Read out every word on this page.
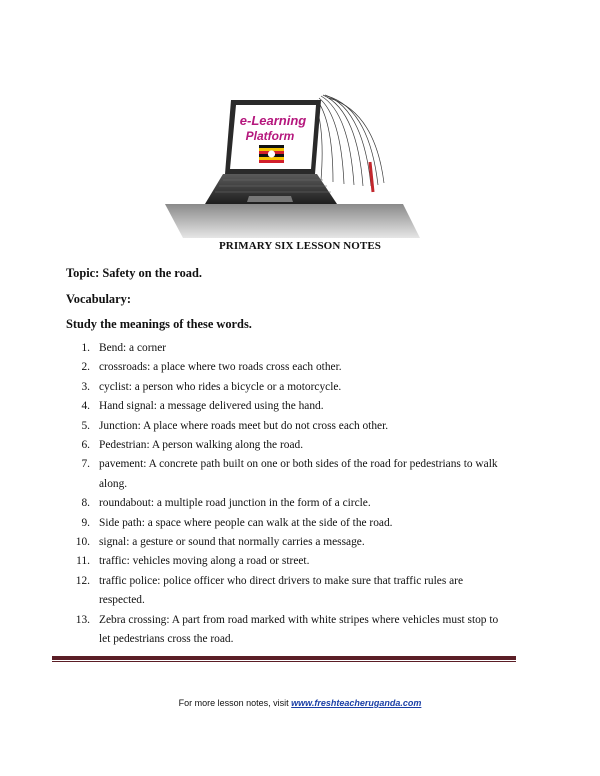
e-Learning
Platform
PRIMARY SIX LESSON NOTES
Topic: Safety on the road.
Vocabulary:
Study the meanings of these words.
1. Bend: a corner
2. crossroads: a place where two roads cross each other.
3. cyclist: a person who rides a bicycle or a motorcycle.
4. Hand signal: a message delivered using the hand.
5. Junction: A place where roads meet but do not cross each other.
6. Pedestrian: A person walking along the road.
7. pavement: A concrete path built on one or both sides of the road for pedestrians to walk along.
8. roundabout: a multiple road junction in the form of a circle.
9. Side path: a space where people can walk at the side of the road.
10. signal: a gesture or sound that normally carries a message.
11. traffic: vehicles moving along a road or street.
12. traffic police: police officer who direct drivers to make sure that traffic rules are respected.
13. Zebra crossing: A part from road marked with white stripes where vehicles must stop to let pedestrians cross the road.
For more lesson notes, visit www.freshteacheruganda.com
